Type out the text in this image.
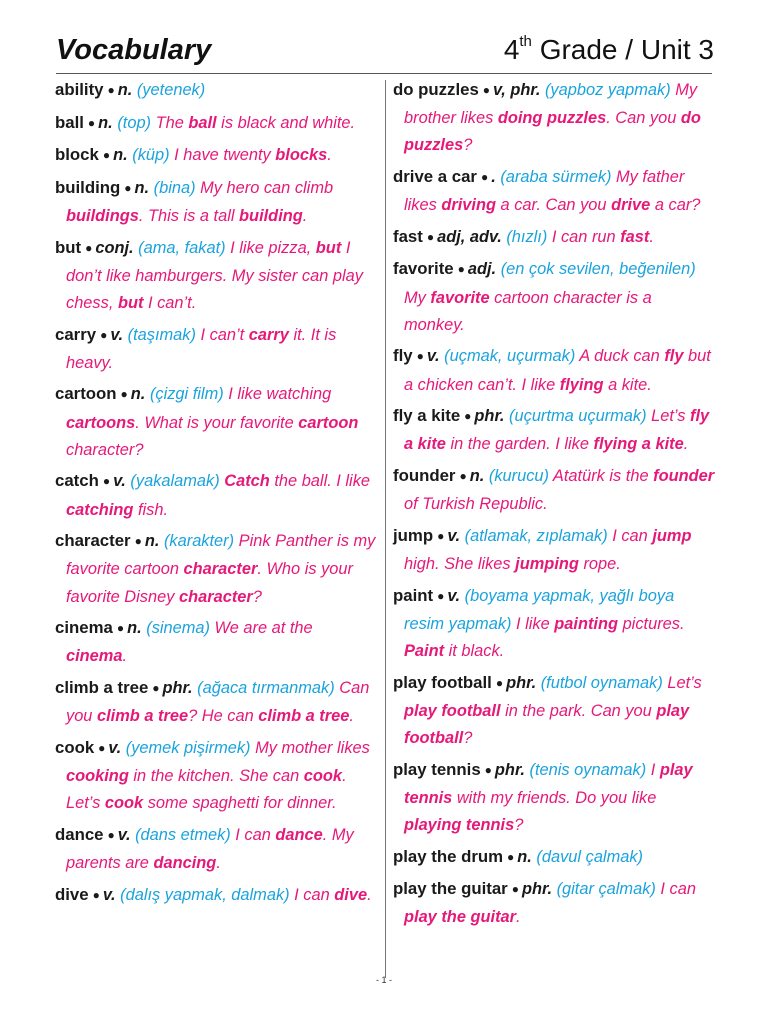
Vocabulary	4th Grade / Unit 3
ability ● n. (yetenek)
ball ● n. (top) The ball is black and white.
block ● n. (küp) I have twenty blocks.
building ● n. (bina) My hero can climb buildings. This is a tall building.
but ● conj. (ama, fakat) I like pizza, but I don’t like hamburgers. My sister can play chess, but I can’t.
carry ● v. (taşımak) I can’t carry it. It is heavy.
cartoon ● n. (çizgi film) I like watching cartoons. What is your favorite cartoon character?
catch ● v. (yakalamak) Catch the ball. I like catching fish.
character ● n. (karakter) Pink Panther is my favorite cartoon character. Who is your favorite Disney character?
cinema ● n. (sinema) We are at the cinema.
climb a tree ● phr. (ağaca tırmanmak) Can you climb a tree? He can climb a tree.
cook ● v. (yemek pişirmek) My mother likes cooking in the kitchen. She can cook. Let’s cook some spaghetti for dinner.
dance ● v. (dans etmek) I can dance. My parents are dancing.
dive ● v. (dalış yapmak, dalmak) I can dive.
do puzzles ● v, phr. (yapboz yapmak) My brother likes doing puzzles. Can you do puzzles?
drive a car ● . (araba sürmek) My father likes driving a car. Can you drive a car?
fast ● adj, adv. (hızlı) I can run fast.
favorite ● adj. (en çok sevilen, beğenilen) My favorite cartoon character is a monkey.
fly ● v. (uçmak, uçurmak) A duck can fly but a chicken can’t. I like flying a kite.
fly a kite ● phr. (uçurtma uçurmak) Let’s fly a kite in the garden. I like flying a kite.
founder ● n. (kurucu) Atatürk is the founder of Turkish Republic.
jump ● v. (atlamak, zıplamak) I can jump high. She likes jumping rope.
paint ● v. (boyama yapmak, yağlı boya resim yapmak) I like painting pictures. Paint it black.
play football ● phr. (futbol oynamak) Let’s play football in the park. Can you play football?
play tennis ● phr. (tenis oynamak) I play tennis with my friends. Do you like playing tennis?
play the drum ● n. (davul çalmak)
play the guitar ● phr. (gitar çalmak) I can play the guitar.
- 1 -
